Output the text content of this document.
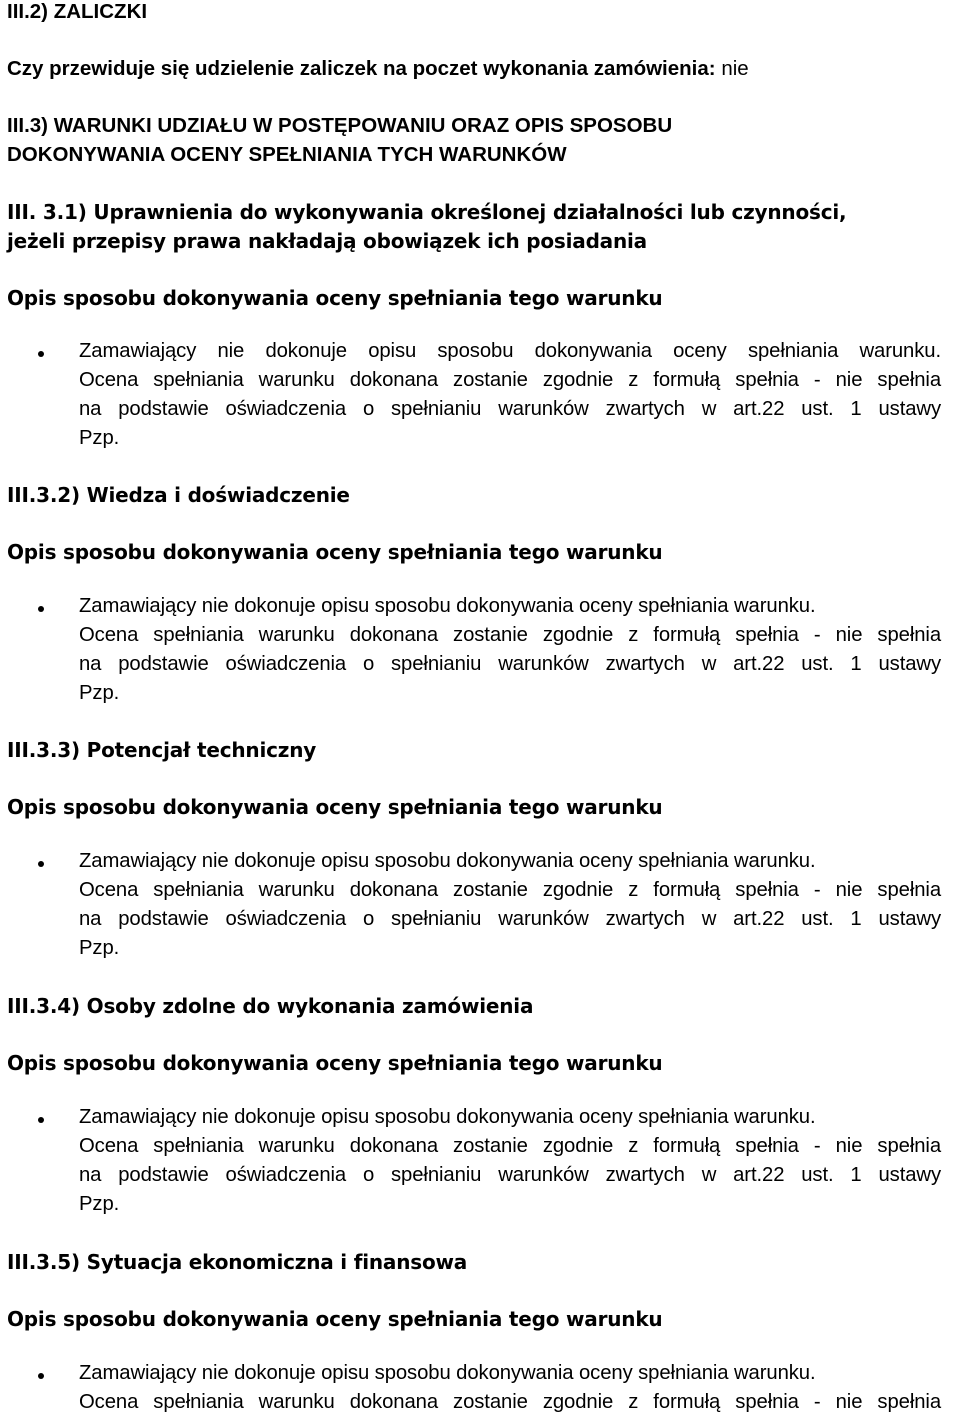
III.2) ZALICZKI
Czy przewiduje się udzielenie zaliczek na poczet wykonania zamówienia: nie
III.3) WARUNKI UDZIAŁU W POSTĘPOWANIU ORAZ OPIS SPOSOBU
DOKONYWANIA OCENY SPEŁNIANIA TYCH WARUNKÓW
III. 3.1) Uprawnienia do wykonywania określonej działalności lub czynności,
jeżeli przepisy prawa nakładają obowiązek ich posiadania
Opis sposobu dokonywania oceny spełniania tego warunku
Zamawiający nie dokonuje opisu sposobu dokonywania oceny spełniania warunku.
Ocena spełniania warunku dokonana zostanie zgodnie z formułą spełnia - nie spełnia
na podstawie oświadczenia o spełnianiu warunków zwartych w art.22 ust. 1 ustawy
Pzp.
III.3.2) Wiedza i doświadczenie
Opis sposobu dokonywania oceny spełniania tego warunku
Zamawiający nie dokonuje opisu sposobu dokonywania oceny spełniania warunku.
Ocena spełniania warunku dokonana zostanie zgodnie z formułą spełnia - nie spełnia
na podstawie oświadczenia o spełnianiu warunków zwartych w art.22 ust. 1 ustawy
Pzp.
III.3.3) Potencjał techniczny
Opis sposobu dokonywania oceny spełniania tego warunku
Zamawiający nie dokonuje opisu sposobu dokonywania oceny spełniania warunku.
Ocena spełniania warunku dokonana zostanie zgodnie z formułą spełnia - nie spełnia
na podstawie oświadczenia o spełnianiu warunków zwartych w art.22 ust. 1 ustawy
Pzp.
III.3.4) Osoby zdolne do wykonania zamówienia
Opis sposobu dokonywania oceny spełniania tego warunku
Zamawiający nie dokonuje opisu sposobu dokonywania oceny spełniania warunku.
Ocena spełniania warunku dokonana zostanie zgodnie z formułą spełnia - nie spełnia
na podstawie oświadczenia o spełnianiu warunków zwartych w art.22 ust. 1 ustawy
Pzp.
III.3.5) Sytuacja ekonomiczna i finansowa
Opis sposobu dokonywania oceny spełniania tego warunku
Zamawiający nie dokonuje opisu sposobu dokonywania oceny spełniania warunku.
Ocena spełniania warunku dokonana zostanie zgodnie z formułą spełnia - nie spełnia
